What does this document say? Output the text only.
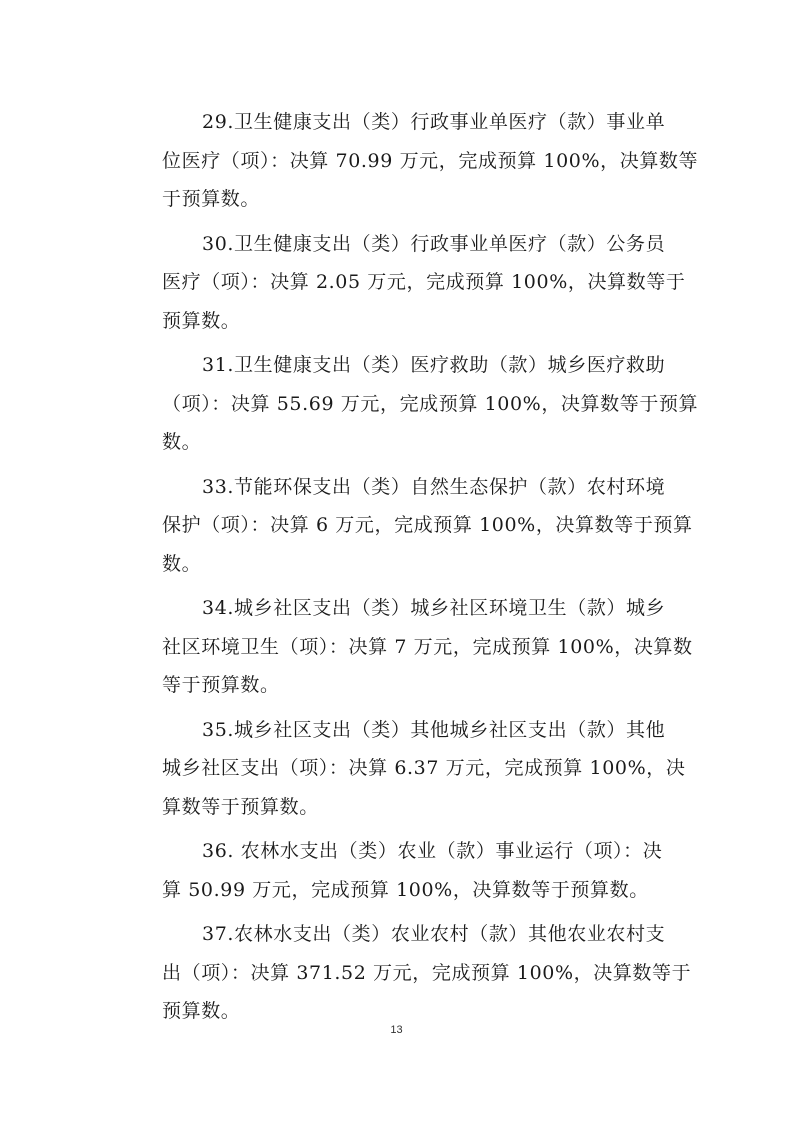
29.卫生健康支出（类）行政事业单医疗（款）事业单
位医疗（项）：决算 70.99 万元，完成预算 100%，决算数等
于预算数。
30.卫生健康支出（类）行政事业单医疗（款）公务员
医疗（项）：决算 2.05 万元，完成预算 100%，决算数等于
预算数。
31.卫生健康支出（类）医疗救助（款）城乡医疗救助
（项）：决算 55.69 万元，完成预算 100%，决算数等于预算
数。
33.节能环保支出（类）自然生态保护（款）农村环境
保护（项）：决算 6 万元，完成预算 100%，决算数等于预算
数。
34.城乡社区支出（类）城乡社区环境卫生（款）城乡
社区环境卫生（项）：决算 7 万元，完成预算 100%，决算数
等于预算数。
35.城乡社区支出（类）其他城乡社区支出（款）其他
城乡社区支出（项）：决算 6.37 万元，完成预算 100%，决
算数等于预算数。
36. 农林水支出（类）农业（款）事业运行（项）：决
算 50.99 万元，完成预算 100%，决算数等于预算数。
37.农林水支出（类）农业农村（款）其他农业农村支
出（项）：决算 371.52 万元，完成预算 100%，决算数等于
预算数。
13
